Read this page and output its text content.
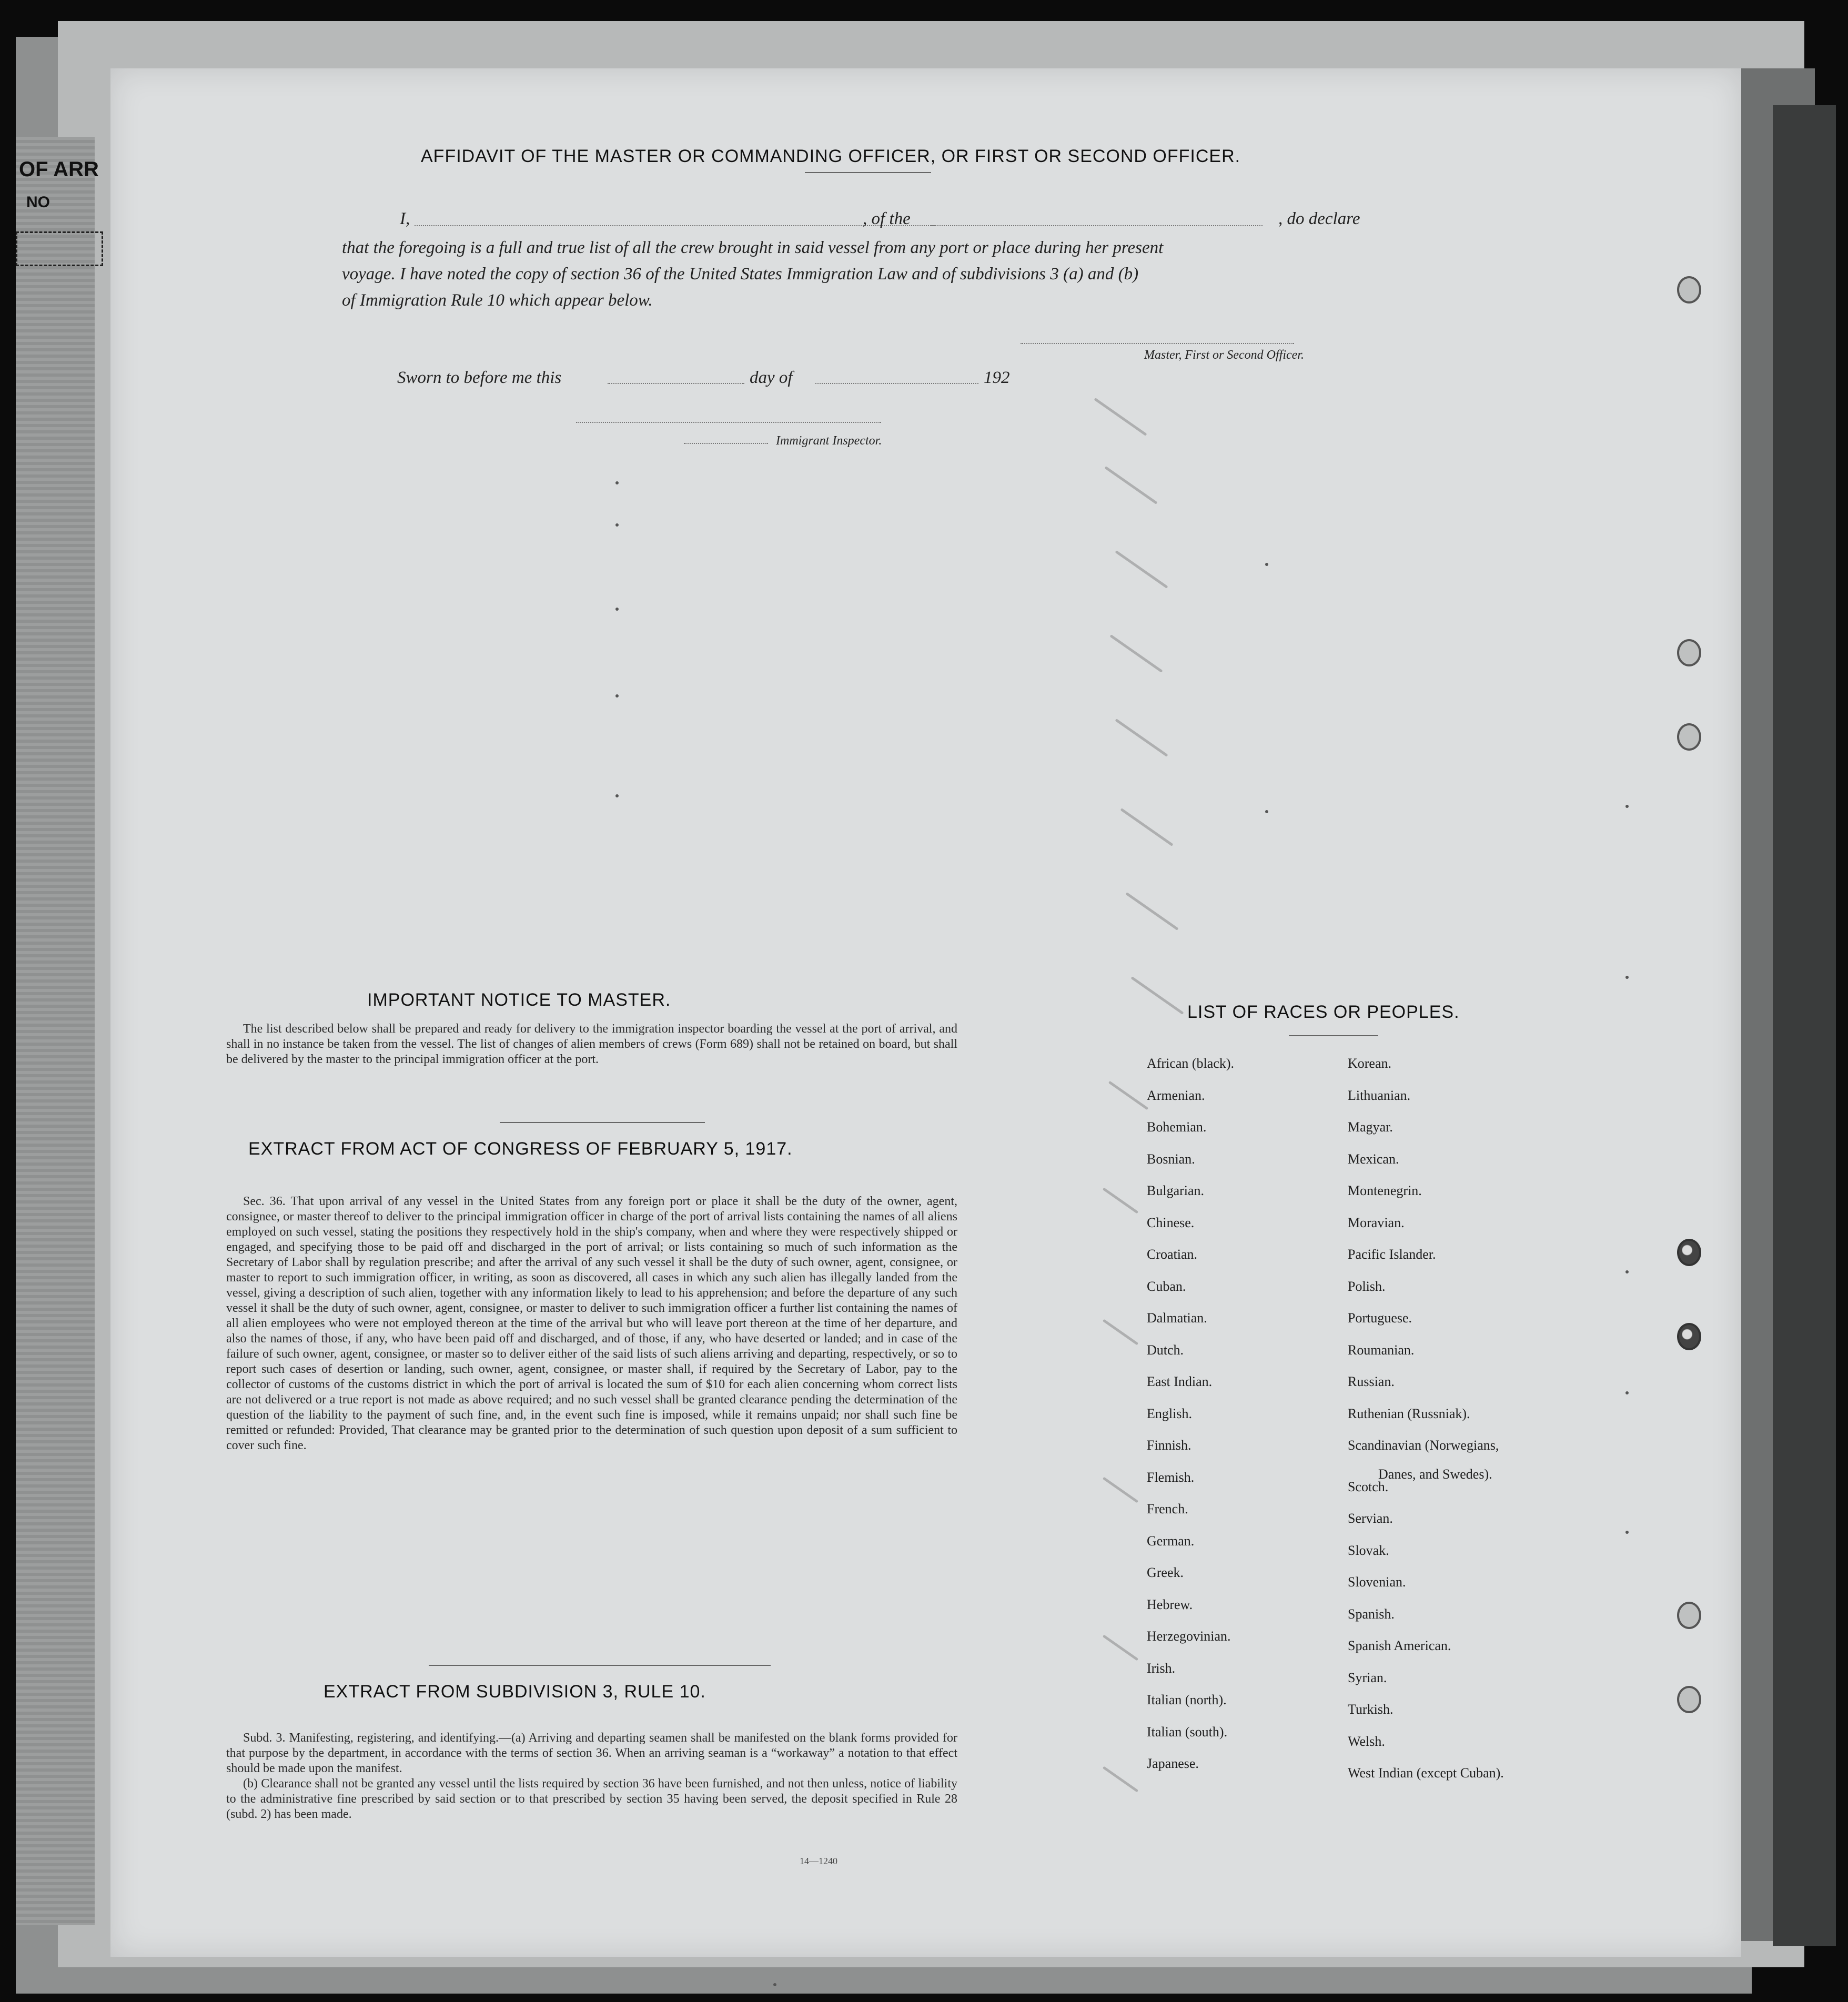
OF ARR
NO
AFFIDAVIT OF THE MASTER OR COMMANDING OFFICER, OR FIRST OR SECOND OFFICER.
I,	, of the	, do declare
that the foregoing is a full and true list of all the crew brought in said vessel from any port or place during her present
voyage. I have noted the copy of section 36 of the United States Immigration Law and of subdivisions 3 (a) and (b)
of Immigration Rule 10 which appear below.
Master, First or Second Officer.
Sworn to before me this	day of	192
Immigrant Inspector.
IMPORTANT NOTICE TO MASTER.
The list described below shall be prepared and ready for delivery to the immigration inspector boarding the vessel at the port of arrival, and shall in no instance be taken from the vessel. The list of changes of alien members of crews (Form 689) shall not be retained on board, but shall be delivered by the master to the principal immigration officer at the port.
EXTRACT FROM ACT OF CONGRESS OF FEBRUARY 5, 1917.
Sec. 36. That upon arrival of any vessel in the United States from any foreign port or place it shall be the duty of the owner, agent, consignee, or master thereof to deliver to the principal immigration officer in charge of the port of arrival lists containing the names of all aliens employed on such vessel, stating the positions they respectively hold in the ship's company, when and where they were respectively shipped or engaged, and specifying those to be paid off and discharged in the port of arrival; or lists containing so much of such information as the Secretary of Labor shall by regulation prescribe; and after the arrival of any such vessel it shall be the duty of such owner, agent, consignee, or master to report to such immigration officer, in writing, as soon as discovered, all cases in which any such alien has illegally landed from the vessel, giving a description of such alien, together with any information likely to lead to his apprehension; and before the departure of any such vessel it shall be the duty of such owner, agent, consignee, or master to deliver to such immigration officer a further list containing the names of all alien employees who were not employed thereon at the time of the arrival but who will leave port thereon at the time of her departure, and also the names of those, if any, who have been paid off and discharged, and of those, if any, who have deserted or landed; and in case of the failure of such owner, agent, consignee, or master so to deliver either of the said lists of such aliens arriving and departing, respectively, or so to report such cases of desertion or landing, such owner, agent, consignee, or master shall, if required by the Secretary of Labor, pay to the collector of customs of the customs district in which the port of arrival is located the sum of $10 for each alien concerning whom correct lists are not delivered or a true report is not made as above required; and no such vessel shall be granted clearance pending the determination of the question of the liability to the payment of such fine, and, in the event such fine is imposed, while it remains unpaid; nor shall such fine be remitted or refunded: Provided, That clearance may be granted prior to the determination of such question upon deposit of a sum sufficient to cover such fine.
EXTRACT FROM SUBDIVISION 3, RULE 10.
Subd. 3. Manifesting, registering, and identifying.—(a) Arriving and departing seamen shall be manifested on the blank forms provided for that purpose by the department, in accordance with the terms of section 36. When an arriving seaman is a “workaway” a notation to that effect should be made upon the manifest.
(b) Clearance shall not be granted any vessel until the lists required by section 36 have been furnished, and not then unless, notice of liability to the administrative fine prescribed by said section or to that prescribed by section 35 having been served, the deposit specified in Rule 28 (subd. 2) has been made.
14—1240
LIST OF RACES OR PEOPLES.
African (black).
Armenian.
Bohemian.
Bosnian.
Bulgarian.
Chinese.
Croatian.
Cuban.
Dalmatian.
Dutch.
East Indian.
English.
Finnish.
Flemish.
French.
German.
Greek.
Hebrew.
Herzegovinian.
Irish.
Italian (north).
Italian (south).
Japanese.
Korean.
Lithuanian.
Magyar.
Mexican.
Montenegrin.
Moravian.
Pacific Islander.
Polish.
Portuguese.
Roumanian.
Russian.
Ruthenian (Russniak).
Scandinavian (Norwegians,
Scotch.
Servian.
Slovak.
Slovenian.
Spanish.
Spanish American.
Syrian.
Turkish.
Welsh.
West Indian (except Cuban).
Danes, and Swedes).
